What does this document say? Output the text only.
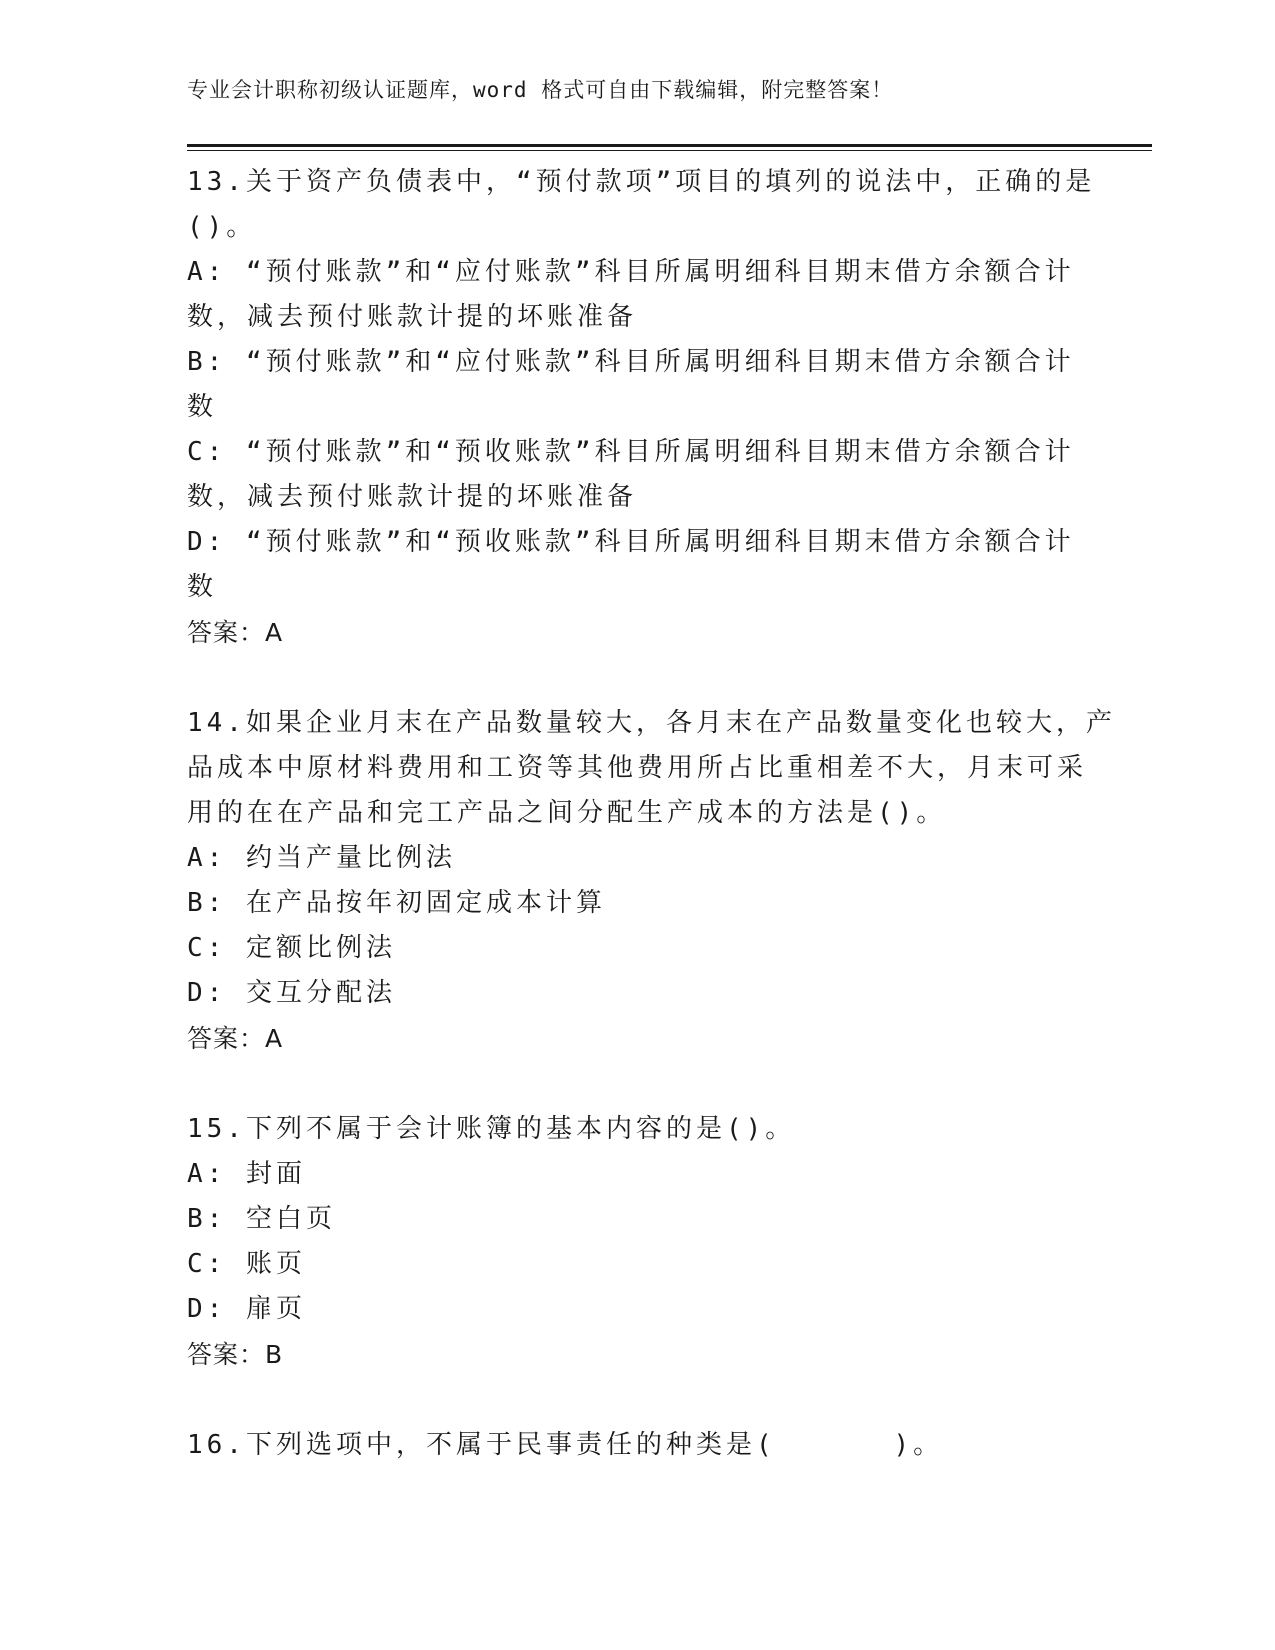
专业会计职称初级认证题库，word 格式可自由下载编辑，附完整答案！
13.关于资产负债表中，“预付款项”项目的填列的说法中，正确的是
()。
A: “预付账款”和“应付账款”科目所属明细科目期末借方余额合计
数，减去预付账款计提的坏账准备
B: “预付账款”和“应付账款”科目所属明细科目期末借方余额合计
数
C: “预付账款”和“预收账款”科目所属明细科目期末借方余额合计
数，减去预付账款计提的坏账准备
D: “预付账款”和“预收账款”科目所属明细科目期末借方余额合计
数
答案：A
14.如果企业月末在产品数量较大，各月末在产品数量变化也较大，产
品成本中原材料费用和工资等其他费用所占比重相差不大，月末可采
用的在在产品和完工产品之间分配生产成本的方法是()。
A: 约当产量比例法
B: 在产品按年初固定成本计算
C: 定额比例法
D: 交互分配法
答案：A
15.下列不属于会计账簿的基本内容的是()。
A: 封面
B: 空白页
C: 账页
D: 扉页
答案：B
16.下列选项中，不属于民事责任的种类是(      )。
